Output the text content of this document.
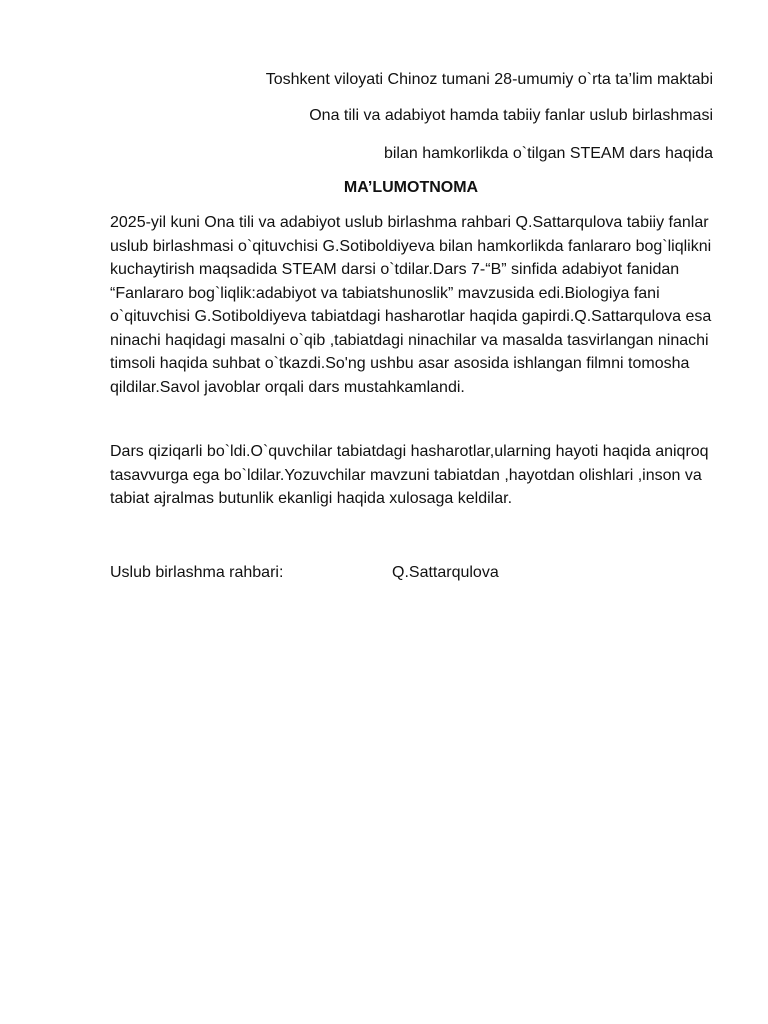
Toshkent viloyati Chinoz tumani 28-umumiy o`rta ta’lim maktabi
Ona tili va adabiyot hamda tabiiy fanlar uslub birlashmasi
bilan hamkorlikda o`tilgan STEAM dars haqida
MA’LUMOTNOMA

2025-yil kuni Ona tili va adabiyot uslub birlashma rahbari Q.Sattarqulova tabiiy fanlar uslub birlashmasi o`qituvchisi G.Sotiboldiyeva bilan hamkorlikda fanlararo bog`liqlikni kuchaytirish maqsadida STEAM darsi o`tdilar.Dars 7-“B” sinfida adabiyot fanidan “Fanlararo bog`liqlik:adabiyot va tabiatshunoslik” mavzusida edi.Biologiya fani o`qituvchisi G.Sotiboldiyeva tabiatdagi hasharotlar haqida gapirdi.Q.Sattarqulova esa ninachi haqidagi masalni o`qib ,tabiatdagi ninachilar va masalda tasvirlangan ninachi timsoli haqida suhbat o`tkazdi.So'ng ushbu asar asosida ishlangan filmni tomosha qildilar.Savol javoblar orqali dars mustahkamlandi.

Dars qiziqarli bo`ldi.O`quvchilar tabiatdagi hasharotlar,ularning hayoti haqida aniqroq tasavvurga ega bo`ldilar.Yozuvchilar mavzuni tabiatdan ,hayotdan olishlari ,inson va tabiat ajralmas butunlik ekanligi haqida xulosaga keldilar.

Uslub birlashma rahbari:	Q.Sattarqulova
